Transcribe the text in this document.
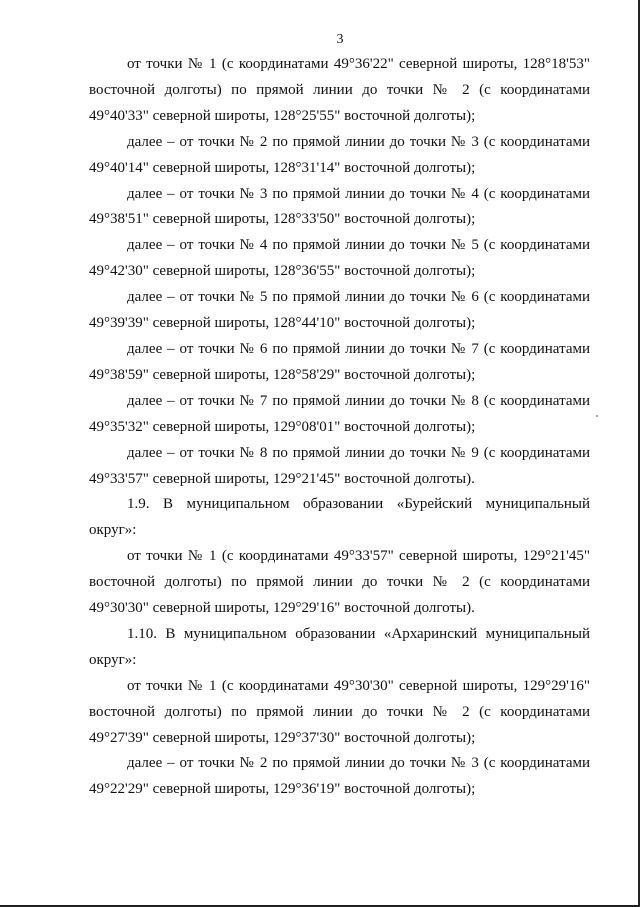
3

от точки № 1 (с координатами 49°36'22" северной широты, 128°18'53" восточной долготы) по прямой линии до точки № 2 (с координатами 49°40'33" северной широты, 128°25'55" восточной долготы);

далее – от точки № 2 по прямой линии до точки № 3 (с координатами 49°40'14" северной широты, 128°31'14" восточной долготы);

далее – от точки № 3 по прямой линии до точки № 4 (с координатами 49°38'51" северной широты, 128°33'50" восточной долготы);

далее – от точки № 4 по прямой линии до точки № 5 (с координатами 49°42'30" северной широты, 128°36'55" восточной долготы);

далее – от точки № 5 по прямой линии до точки № 6 (с координатами 49°39'39" северной широты, 128°44'10" восточной долготы);

далее – от точки № 6 по прямой линии до точки № 7 (с координатами 49°38'59" северной широты, 128°58'29" восточной долготы);

далее – от точки № 7 по прямой линии до точки № 8 (с координатами 49°35'32" северной широты, 129°08'01" восточной долготы);

далее – от точки № 8 по прямой линии до точки № 9 (с координатами 49°33'57" северной широты, 129°21'45" восточной долготы).

1.9. В муниципальном образовании «Бурейский муниципальный округ»:

от точки № 1 (с координатами 49°33'57" северной широты, 129°21'45" восточной долготы) по прямой линии до точки № 2 (с координатами 49°30'30" северной широты, 129°29'16" восточной долготы).

1.10. В муниципальном образовании «Архаринский муниципальный округ»:

от точки № 1 (с координатами 49°30'30" северной широты, 129°29'16" восточной долготы) по прямой линии до точки № 2 (с координатами 49°27'39" северной широты, 129°37'30" восточной долготы);

далее – от точки № 2 по прямой линии до точки № 3 (с координатами 49°22'29" северной широты, 129°36'19" восточной долготы);
